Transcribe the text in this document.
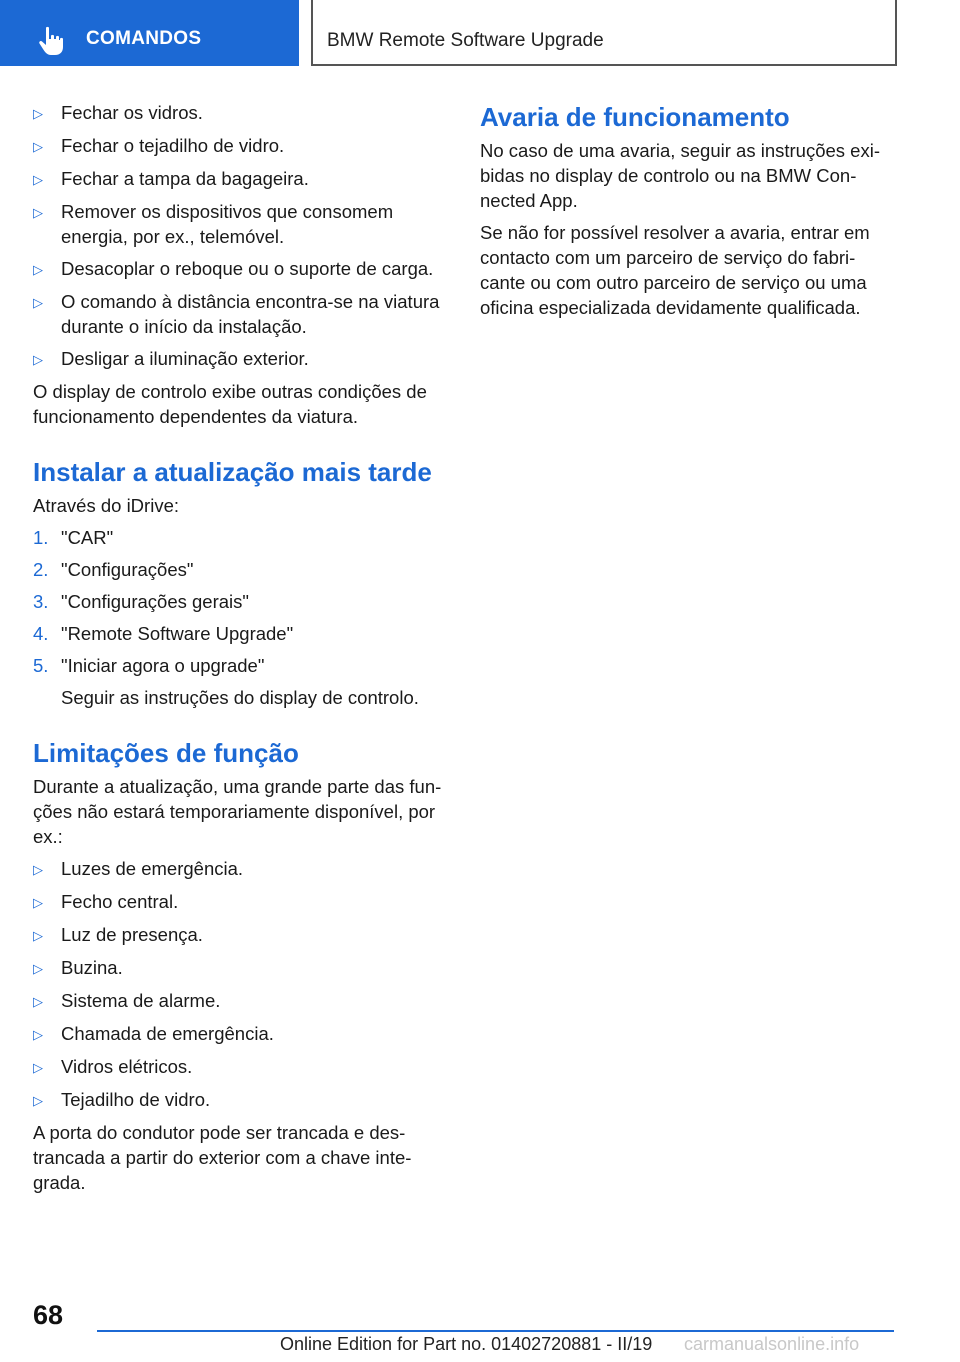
COMANDOS	BMW Remote Software Upgrade
▷ Fechar os vidros.
▷ Fechar o tejadilho de vidro.
▷ Fechar a tampa da bagageira.
▷ Remover os dispositivos que consomem energia, por ex., telemóvel.
▷ Desacoplar o reboque ou o suporte de carga.
▷ O comando à distância encontra-se na viatura durante o início da instalação.
▷ Desligar a iluminação exterior.

O display de controlo exibe outras condições de funcionamento dependentes da viatura.

Instalar a atualização mais tarde

Através do iDrive:

1. "CAR"
2. "Configurações"
3. "Configurações gerais"
4. "Remote Software Upgrade"
5. "Iniciar agora o upgrade"
Seguir as instruções do display de controlo.
Limitações de função

Durante a atualização, uma grande parte das funções não estará temporariamente disponível, por ex.:

▷ Luzes de emergência.
▷ Fecho central.
▷ Luz de presença.
▷ Buzina.
▷ Sistema de alarme.
▷ Chamada de emergência.
▷ Vidros elétricos.
▷ Tejadilho de vidro.

A porta do condutor pode ser trancada e destrancada a partir do exterior com a chave integrada.

Avaria de funcionamento

No caso de uma avaria, seguir as instruções exibidas no display de controlo ou na BMW Connected App.

Se não for possível resolver a avaria, entrar em contacto com um parceiro de serviço do fabricante ou com outro parceiro de serviço ou uma oficina especializada devidamente qualificada.

68
Online Edition for Part no. 01402720881 - II/19 carmanualsonline.info
